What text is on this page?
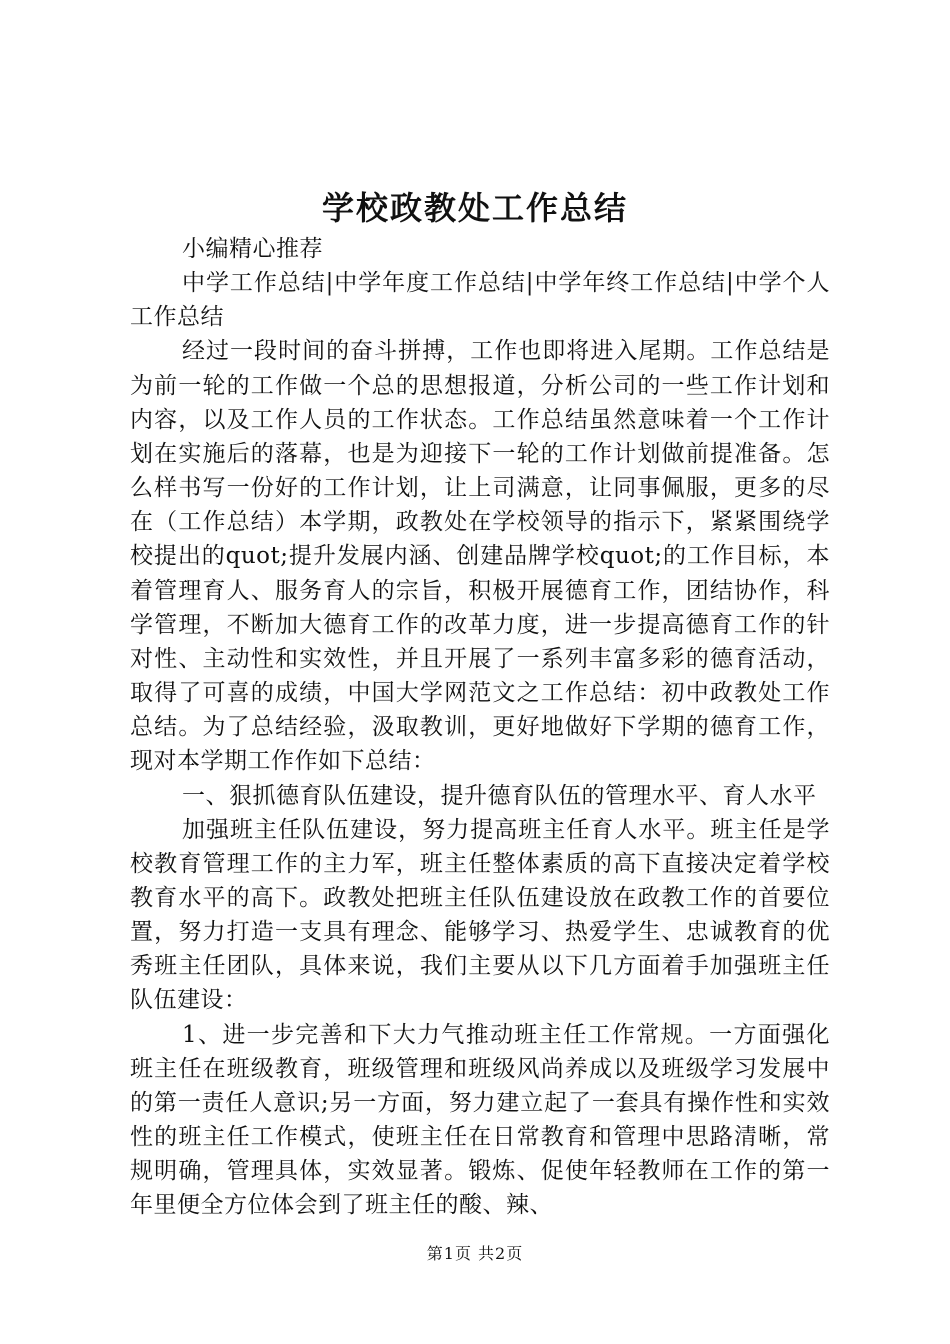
学校政教处工作总结

小编精心推荐

中学工作总结|中学年度工作总结|中学年终工作总结|中学个人工作总结

经过一段时间的奋斗拼搏，工作也即将进入尾期。工作总结是为前一轮的工作做一个总的思想报道，分析公司的一些工作计划和内容，以及工作人员的工作状态。工作总结虽然意味着一个工作计划在实施后的落幕，也是为迎接下一轮的工作计划做前提准备。怎么样书写一份好的工作计划，让上司满意，让同事佩服，更多的尽在（工作总结）本学期，政教处在学校领导的指示下，紧紧围绕学校提出的quot;提升发展内涵、创建品牌学校quot;的工作目标，本着管理育人、服务育人的宗旨，积极开展德育工作，团结协作，科学管理，不断加大德育工作的改革力度，进一步提高德育工作的针对性、主动性和实效性，并且开展了一系列丰富多彩的德育活动，取得了可喜的成绩，中国大学网范文之工作总结：初中政教处工作总结。为了总结经验，汲取教训，更好地做好下学期的德育工作，现对本学期工作作如下总结：

一、狠抓德育队伍建设，提升德育队伍的管理水平、育人水平

加强班主任队伍建设，努力提高班主任育人水平。班主任是学校教育管理工作的主力军，班主任整体素质的高下直接决定着学校教育水平的高下。政教处把班主任队伍建设放在政教工作的首要位置，努力打造一支具有理念、能够学习、热爱学生、忠诚教育的优秀班主任团队，具体来说，我们主要从以下几方面着手加强班主任队伍建设：

1、进一步完善和下大力气推动班主任工作常规。一方面强化班主任在班级教育，班级管理和班级风尚养成以及班级学习发展中的第一责任人意识;另一方面，努力建立起了一套具有操作性和实效性的班主任工作模式，使班主任在日常教育和管理中思路清晰，常规明确，管理具体，实效显著。锻炼、促使年轻教师在工作的第一年里便全方位体会到了班主任的酸、辣、

第1页 共2页
